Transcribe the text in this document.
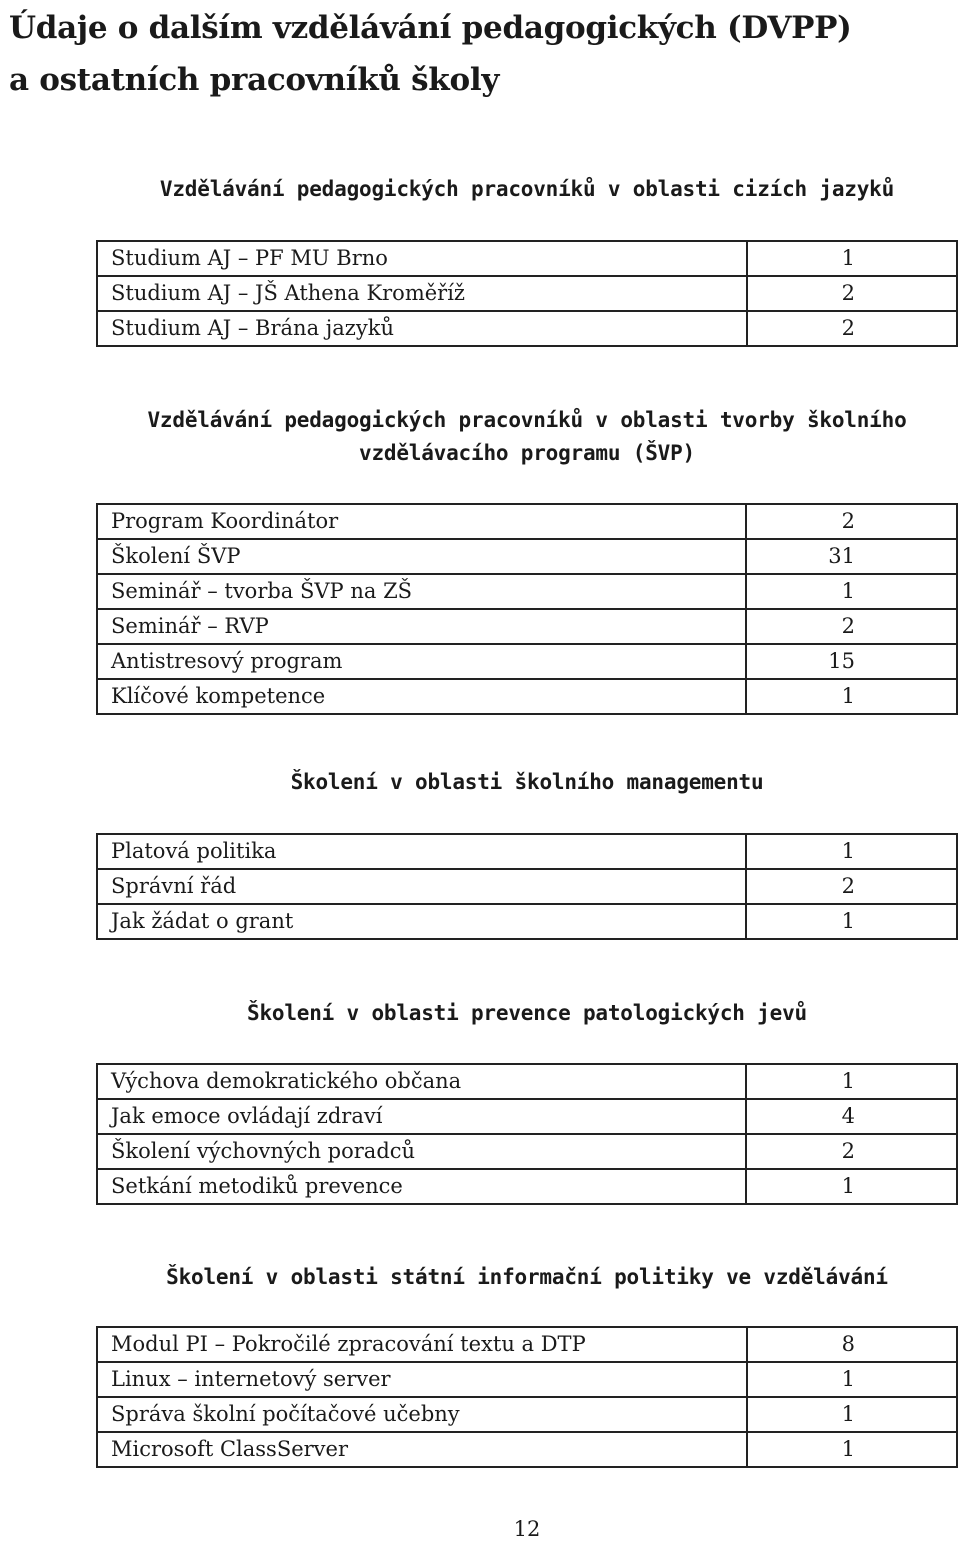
Údaje o dalším vzdělávání pedagogických (DVPP)
a ostatních pracovníků školy
Vzdělávání pedagogických pracovníků v oblasti cizích jazyků
Studium AJ – PF MU Brno	1
Studium AJ – JŠ Athena Kroměříž	2
Studium AJ – Brána jazyků	2
Vzdělávání pedagogických pracovníků v oblasti tvorby školního
vzdělávacího programu (ŠVP)
Program Koordinátor	2
Školení ŠVP	31
Seminář – tvorba ŠVP na ZŠ	1
Seminář – RVP	2
Antistresový program	15
Klíčové kompetence	1
Školení v oblasti školního managementu
Platová politika	1
Správní řád	2
Jak žádat o grant	1
Školení v oblasti prevence patologických jevů
Výchova demokratického občana	1
Jak emoce ovládají zdraví	4
Školení výchovných poradců	2
Setkání metodiků prevence	1
Školení v oblasti státní informační politiky ve vzdělávání
Modul PI – Pokročilé zpracování textu a DTP	8
Linux – internetový server	1
Správa školní počítačové učebny	1
Microsoft ClassServer	1
12
